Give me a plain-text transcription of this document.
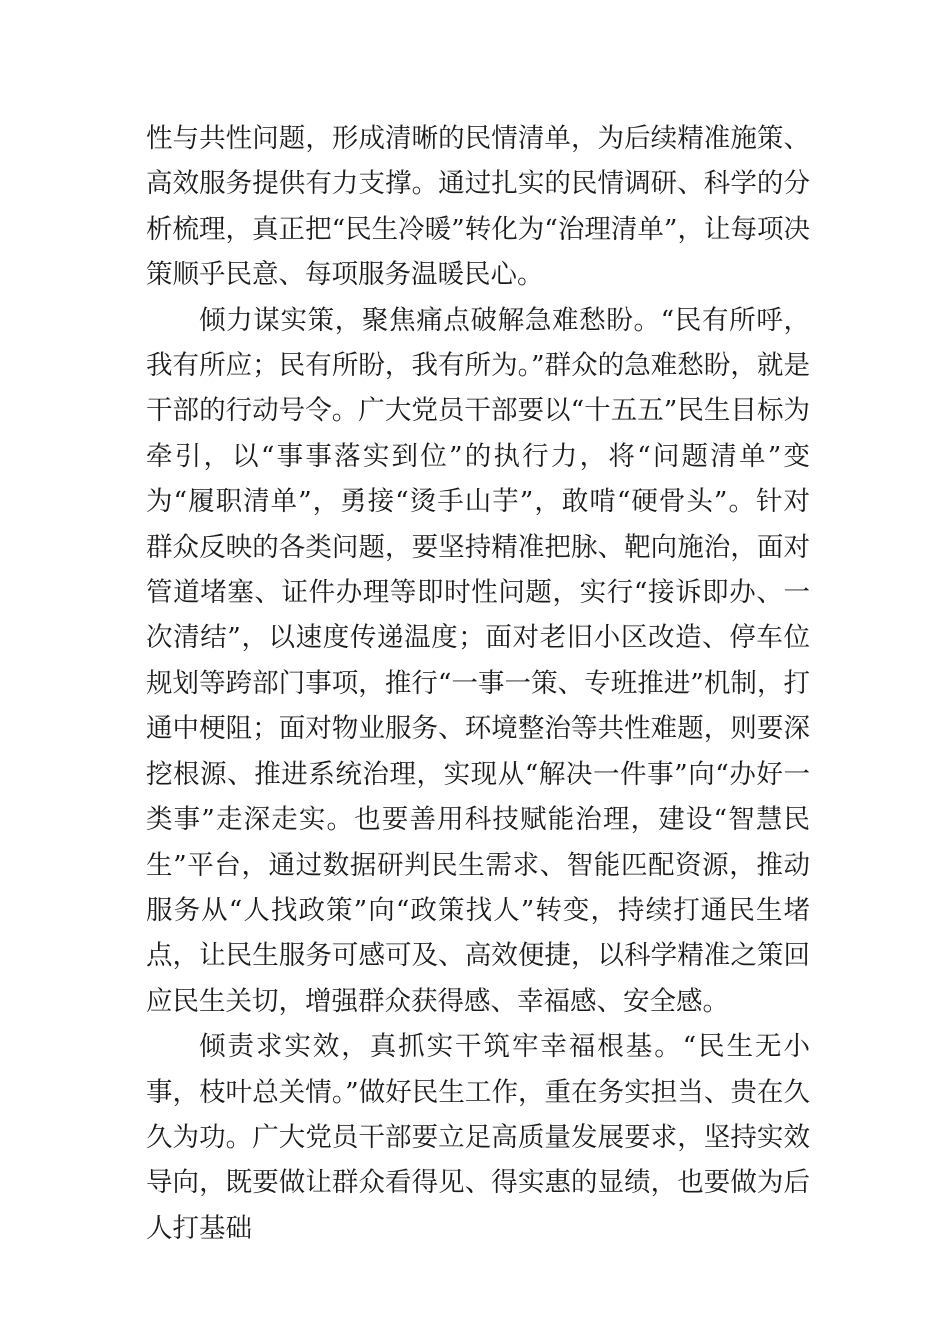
性与共性问题，形成清晰的民情清单，为后续精准施策、高效服务提供有力支撑。通过扎实的民情调研、科学的分析梳理，真正把“民生冷暖”转化为“治理清单”，让每项决策顺乎民意、每项服务温暖民心。

倾力谋实策，聚焦痛点破解急难愁盼。“民有所呼，我有所应；民有所盼，我有所为。”群众的急难愁盼，就是干部的行动号令。广大党员干部要以“十五五”民生目标为牵引，以“事事落实到位”的执行力，将“问题清单”变为“履职清单”，勇接“烫手山芋”，敢啃“硬骨头”。针对群众反映的各类问题，要坚持精准把脉、靶向施治，面对管道堵塞、证件办理等即时性问题，实行“接诉即办、一次清结”，以速度传递温度；面对老旧小区改造、停车位规划等跨部门事项，推行“一事一策、专班推进”机制，打通中梗阻；面对物业服务、环境整治等共性难题，则要深挖根源、推进系统治理，实现从“解决一件事”向“办好一类事”走深走实。也要善用科技赋能治理，建设“智慧民生”平台，通过数据研判民生需求、智能匹配资源，推动服务从“人找政策”向“政策找人”转变，持续打通民生堵点，让民生服务可感可及、高效便捷，以科学精准之策回应民生关切，增强群众获得感、幸福感、安全感。

倾责求实效，真抓实干筑牢幸福根基。“民生无小事，枝叶总关情。”做好民生工作，重在务实担当、贵在久久为功。广大党员干部要立足高质量发展要求，坚持实效导向，既要做让群众看得见、得实惠的显绩，也要做为后人打基础
